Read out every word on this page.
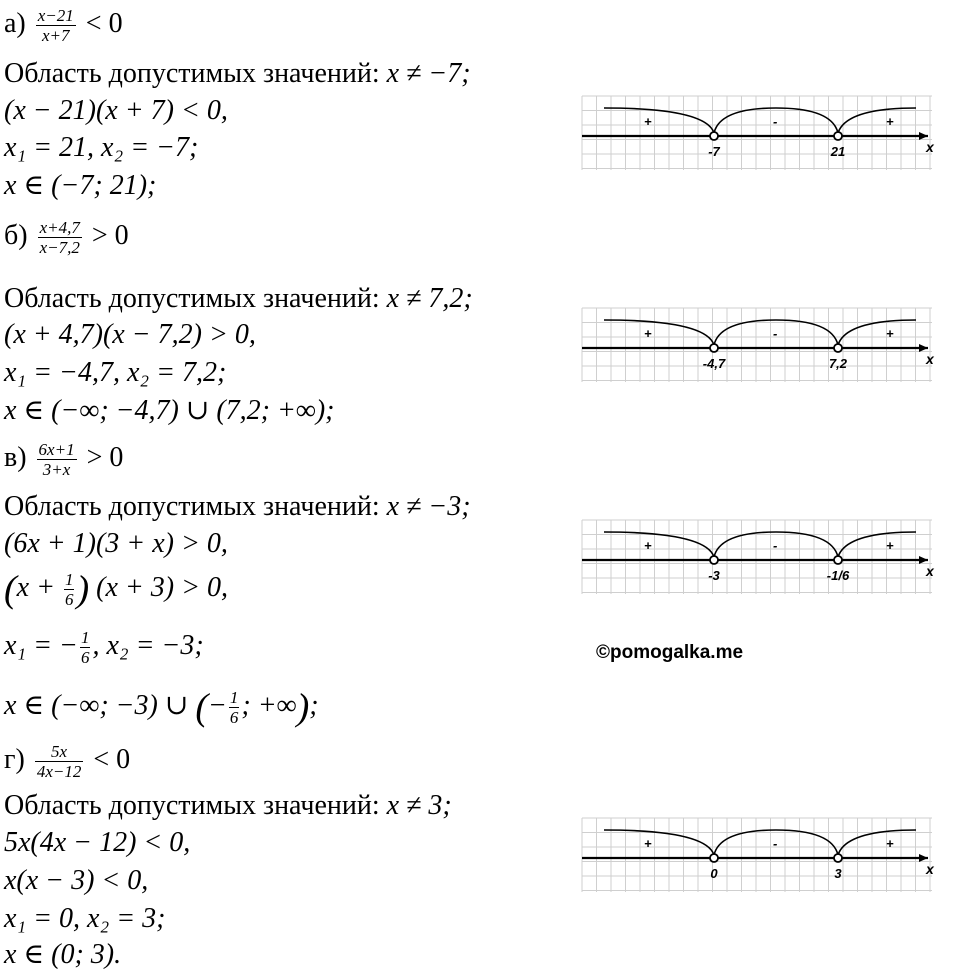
$а) \frac{x-21}{x+7} < 0$
Область допустимых значений: x ≠ −7;
(x − 21)(x + 7) < 0,
x₁ = 21, x₂ = −7;
x ∈ (−7; 21);
$б) \frac{x+4,7}{x-7,2} > 0$
Область допустимых значений: x ≠ 7,2;
(x + 4,7)(x − 7,2) > 0,
x₁ = −4,7, x₂ = 7,2;
x ∈ (−∞; −4,7) ∪ (7,2; +∞);
$в) \frac{6x+1}{3+x} > 0$
Область допустимых значений: x ≠ −3;
(6x + 1)(3 + x) > 0,
($x + \frac{1}{6}$ ) (x + 3) > 0,
x₁ = − $\frac{1}{6}$ , x₂ = −3;
x ∈ (−∞; −3) ∪ (− $\frac{1}{6}$ ; +∞);
$г) \frac{5x}{4x-12} < 0$
Область допустимых значений: x ≠ 3;
5x(4x − 12) < 0,
x(x − 3) < 0,
x₁ = 0, x₂ = 3;
x ∈ (0; 3).
+	-	+
-7	21	x
+	-	+
-4,7	7,2	x
+	-	+
-3	-1/6	x
+	-	+
0	3	x
©pomogalka.me
